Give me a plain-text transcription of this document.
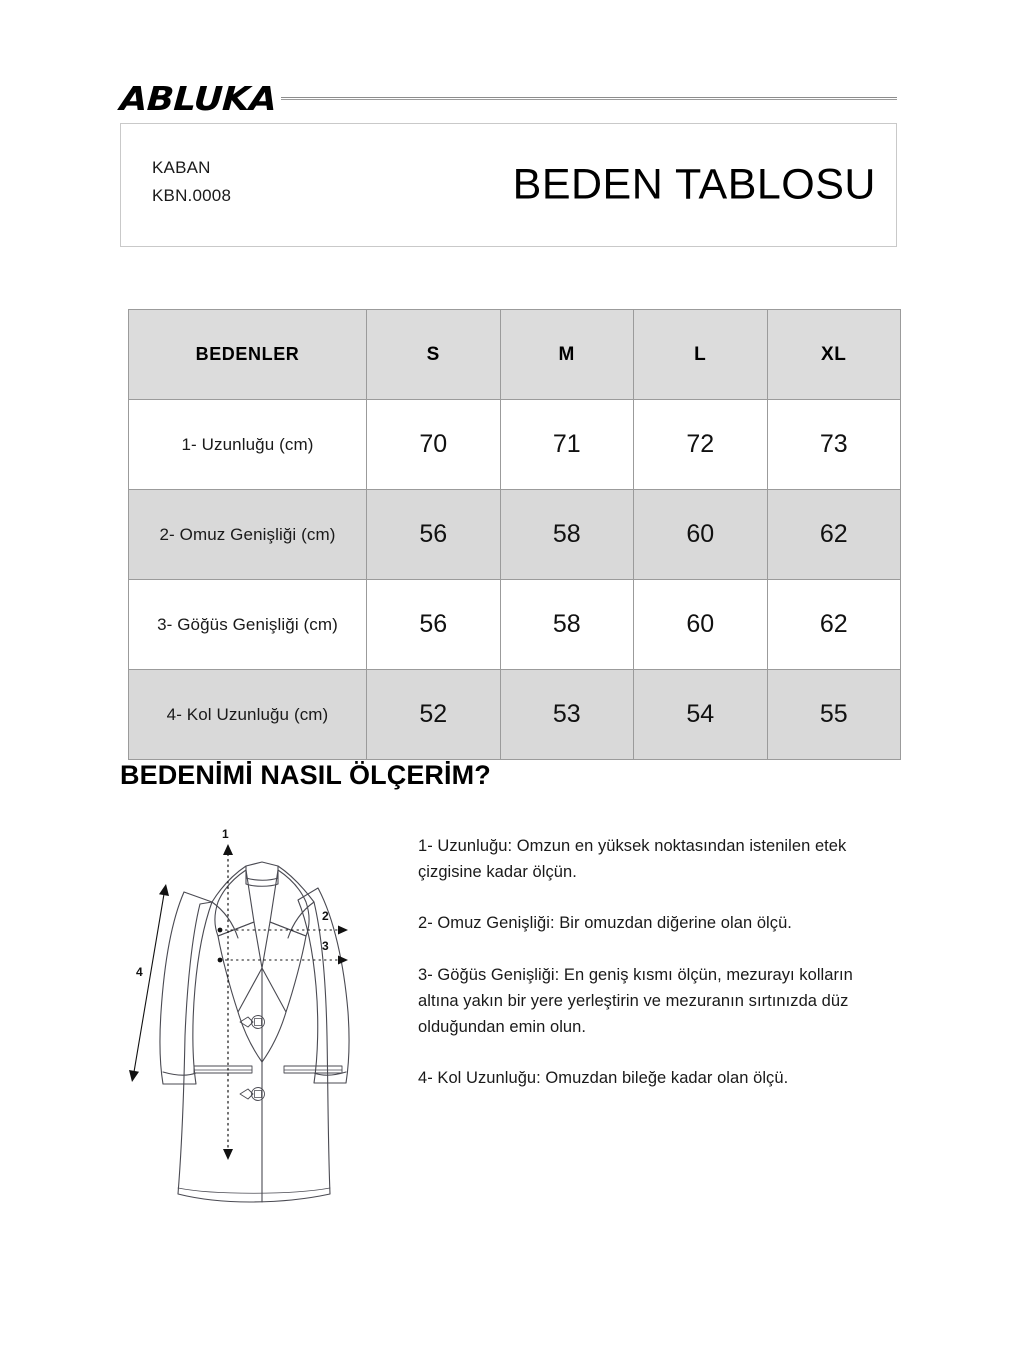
ABLUKA
KABAN
KBN.0008	BEDEN TABLOSU
BEDENLER	S	M	L	XL
1- Uzunluğu (cm)	70	71	72	73
2- Omuz Genişliği (cm)	56	58	60	62
3- Göğüs Genişliği (cm)	56	58	60	62
4- Kol Uzunluğu (cm)	52	53	54	55
BEDENİMİ NASIL ÖLÇERİM?
1
2
3
4

1- Uzunluğu: Omzun en yüksek noktasından istenilen etek çizgisine kadar ölçün.

2- Omuz Genişliği: Bir omuzdan diğerine olan ölçü.

3- Göğüs Genişliği: En geniş kısmı ölçün, mezurayı kolların altına yakın bir yere yerleştirin ve mezuranın sırtınızda düz olduğundan emin olun.

4- Kol Uzunluğu: Omuzdan bileğe kadar olan ölçü.
